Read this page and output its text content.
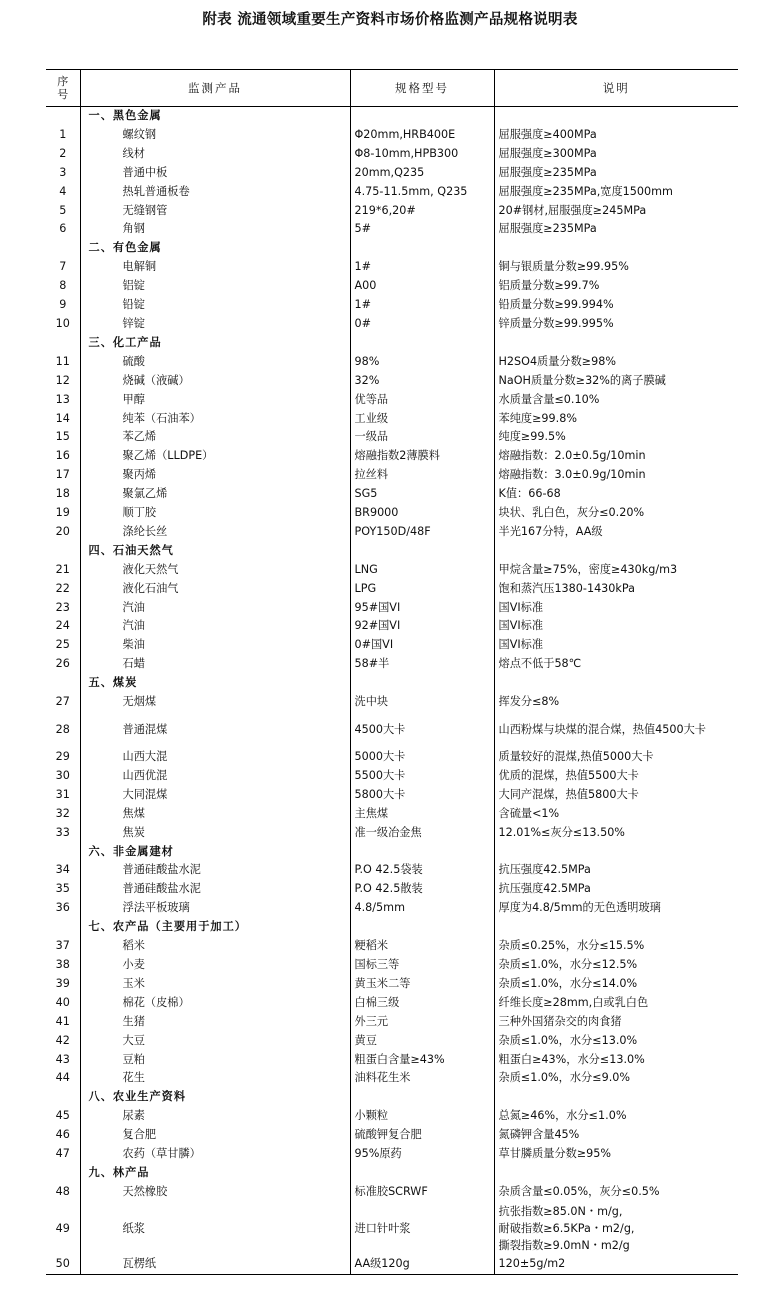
附表 流通领域重要生产资料市场价格监测产品规格说明表
序
号	监测产品	规格型号	说明
	一、黑色金属		
1	螺纹钢	Φ20mm,HRB400E	屈服强度≥400MPa
2	线材	Φ8-10mm,HPB300	屈服强度≥300MPa
3	普通中板	20mm,Q235	屈服强度≥235MPa
4	热轧普通板卷	4.75-11.5mm, Q235	屈服强度≥235MPa,宽度1500mm
5	无缝钢管	219*6,20#	20#钢材,屈服强度≥245MPa
6	角钢	5#	屈服强度≥235MPa
	二、有色金属		
7	电解铜	1#	铜与银质量分数≥99.95%
8	铝锭	A00	铝质量分数≥99.7%
9	铅锭	1#	铅质量分数≥99.994%
10	锌锭	0#	锌质量分数≥99.995%
	三、化工产品		
11	硫酸	98%	H2SO4质量分数≥98%
12	烧碱（液碱）	32%	NaOH质量分数≥32%的离子膜碱
13	甲醇	优等品	水质量含量≤0.10%
14	纯苯（石油苯）	工业级	苯纯度≥99.8%
15	苯乙烯	一级品	纯度≥99.5%
16	聚乙烯（LLDPE）	熔融指数2薄膜料	熔融指数：2.0±0.5g/10min
17	聚丙烯	拉丝料	熔融指数：3.0±0.9g/10min
18	聚氯乙烯	SG5	K值：66-68
19	顺丁胶	BR9000	块状、乳白色，灰分≤0.20%
20	涤纶长丝	POY150D/48F	半光167分特，AA级
	四、石油天然气		
21	液化天然气	LNG	甲烷含量≥75%，密度≥430kg/m3
22	液化石油气	LPG	饱和蒸汽压1380-1430kPa
23	汽油	95#国VI	国VI标准
24	汽油	92#国VI	国VI标准
25	柴油	0#国VI	国VI标准
26	石蜡	58#半	熔点不低于58℃
	五、煤炭		
27	无烟煤	洗中块	挥发分≤8%
28	普通混煤	4500大卡	山西粉煤与块煤的混合煤，热值4500大卡
29	山西大混	5000大卡	质量较好的混煤,热值5000大卡
30	山西优混	5500大卡	优质的混煤，热值5500大卡
31	大同混煤	5800大卡	大同产混煤，热值5800大卡
32	焦煤	主焦煤	含硫量<1%
33	焦炭	准一级冶金焦	12.01%≤灰分≤13.50%
	六、非金属建材		
34	普通硅酸盐水泥	P.O 42.5袋装	抗压强度42.5MPa
35	普通硅酸盐水泥	P.O 42.5散装	抗压强度42.5MPa
36	浮法平板玻璃	4.8/5mm	厚度为4.8/5mm的无色透明玻璃
	七、农产品（主要用于加工）		
37	稻米	粳稻米	杂质≤0.25%，水分≤15.5%
38	小麦	国标三等	杂质≤1.0%，水分≤12.5%
39	玉米	黄玉米二等	杂质≤1.0%，水分≤14.0%
40	棉花（皮棉）	白棉三级	纤维长度≥28mm,白或乳白色
41	生猪	外三元	三种外国猪杂交的肉食猪
42	大豆	黄豆	杂质≤1.0%，水分≤13.0%
43	豆粕	粗蛋白含量≥43%	粗蛋白≥43%，水分≤13.0%
44	花生	油料花生米	杂质≤1.0%，水分≤9.0%
	八、农业生产资料		
45	尿素	小颗粒	总氮≥46%，水分≤1.0%
46	复合肥	硫酸钾复合肥	氮磷钾含量45%
47	农药（草甘膦）	95%原药	草甘膦质量分数≥95%
	九、林产品		
48	天然橡胶	标准胶SCRWF	杂质含量≤0.05%，灰分≤0.5%
49	纸浆	进口针叶浆	抗张指数≥85.0N・m/g,
耐破指数≥6.5KPa・m2/g,
撕裂指数≥9.0mN・m2/g

50	瓦楞纸	AA级120g	120±5g/m2
